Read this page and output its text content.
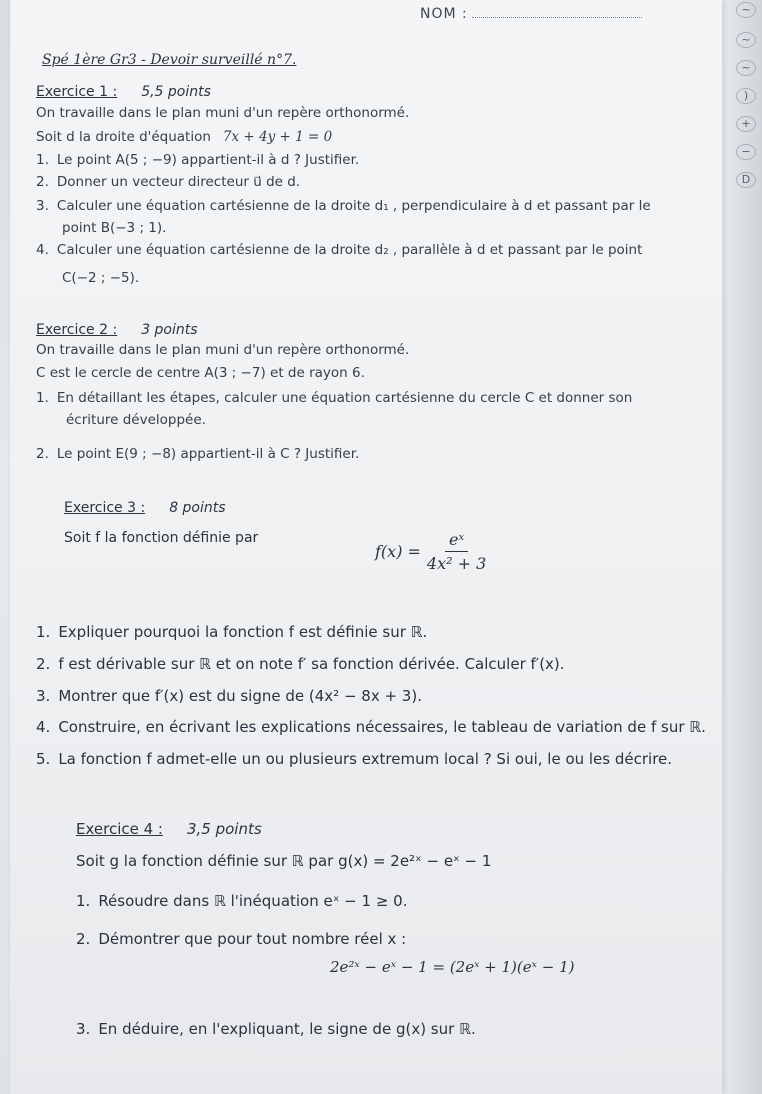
~
~
~
)
+
−
D

NOM :

Spé 1ère Gr3 - Devoir surveillé n°7.

Exercice 1 : 5,5 points

On travaille dans le plan muni d'un repère orthonormé.

Soit d la droite d'équation 7x + 4y + 1 = 0

1. Le point A(5 ; −9) appartient-il à d ? Justifier.

2. Donner un vecteur directeur u⃗ de d.

3. Calculer une équation cartésienne de la droite d₁ , perpendiculaire à d et passant par le

point B(−3 ; 1).

4. Calculer une équation cartésienne de la droite d₂ , parallèle à d et passant par le point

C(−2 ; −5).

Exercice 2 : 3 points

On travaille dans le plan muni d'un repère orthonormé.

C est le cercle de centre A(3 ; −7) et de rayon 6.

1. En détaillant les étapes, calculer une équation cartésienne du cercle C et donner son

écriture développée.

2. Le point E(9 ; −8) appartient-il à C ? Justifier.

Exercice 3 : 8 points

Soit f la fonction définie par

$f(x) = \frac{\text{eˣ}}{\text{4x² + 3}}$

1. Expliquer pourquoi la fonction f est définie sur ℝ.

2. f est dérivable sur ℝ et on note f′ sa fonction dérivée. Calculer f′(x).

3. Montrer que f′(x) est du signe de (4x² − 8x + 3).

4. Construire, en écrivant les explications nécessaires, le tableau de variation de f sur ℝ.

5. La fonction f admet-elle un ou plusieurs extremum local ? Si oui, le ou les décrire.

Exercice 4 : 3,5 points

Soit g la fonction définie sur ℝ par g(x) = 2e²ˣ − eˣ − 1

1. Résoudre dans ℝ l'inéquation eˣ − 1 ≥ 0.

2. Démontrer que pour tout nombre réel x :

2e²ˣ − eˣ − 1 = (2eˣ + 1)(eˣ − 1)

3. En déduire, en l'expliquant, le signe de g(x) sur ℝ.
